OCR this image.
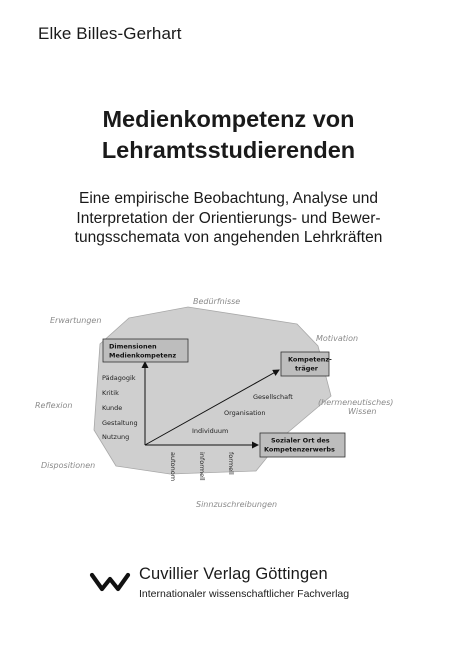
Elke Billes-Gerhart
Medienkompetenz von
Lehramtsstudierenden
Eine empirische Beobachtung, Analyse und
Interpretation der Orientierungs- und Bewer-
tungsschemata von angehenden Lehrkräften
Bedürfnisse
Erwartungen
Motivation
Reflexion	(hermeneutisches)
Wissen
Dispositionen
Sinnzuschreibungen
Dimensionen
Medienkompetenz	Kompetenz-
träger
Sozialer Ort des
Kompetenzerwerbs
Pädagogik
Kritik
Kunde
Gestaltung
Nutzung
Gesellschaft
Organisation
Individuum
autonom	informell	formell
Cuvillier Verlag Göttingen
Internationaler wissenschaftlicher Fachverlag
